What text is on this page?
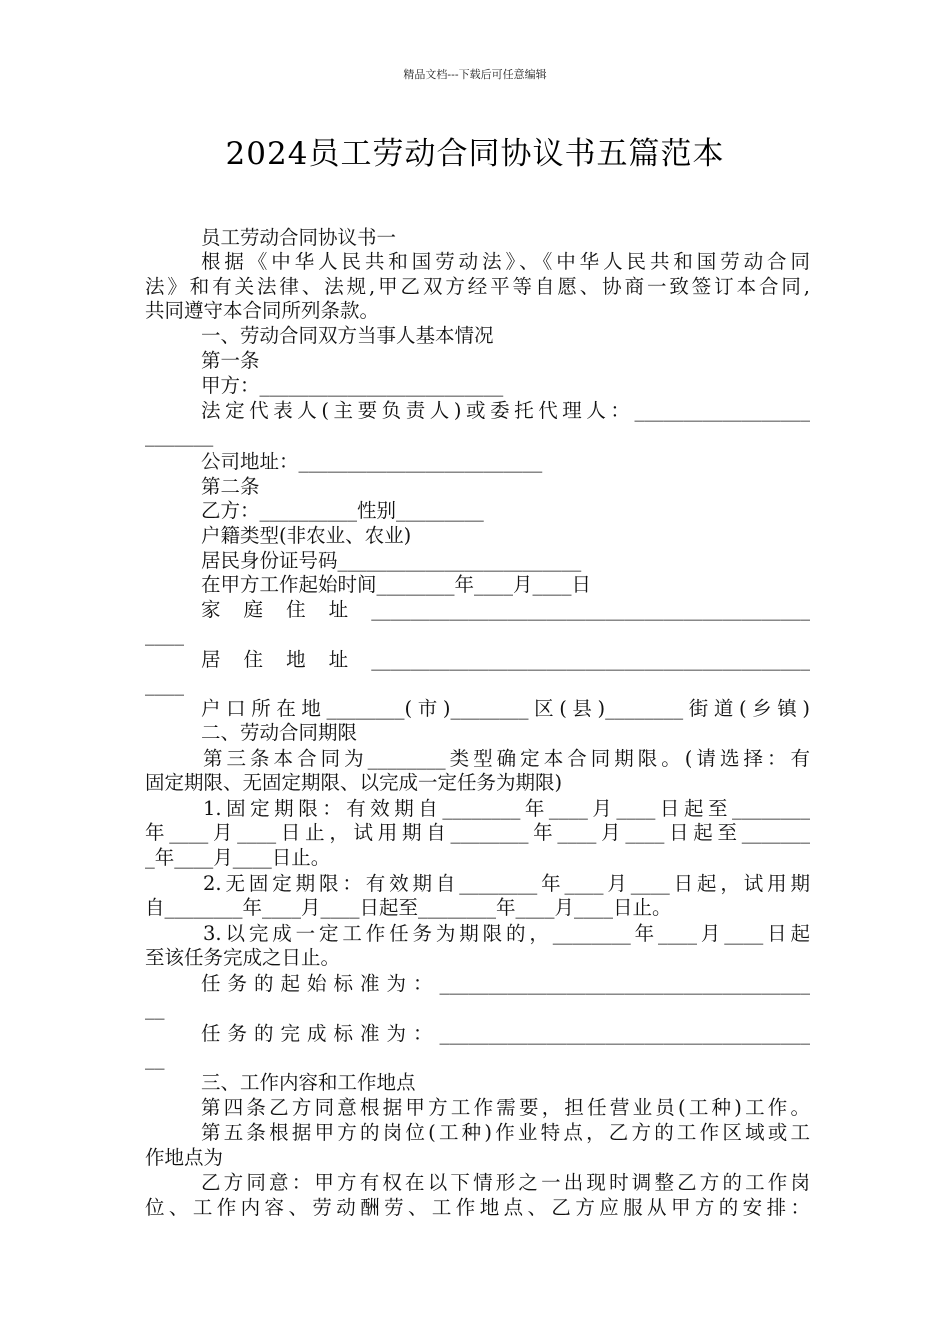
精品文档---下载后可任意编辑
2024员工劳动合同协议书五篇范本
员工劳动合同协议书一
根据《中华人民共和国劳动法》、《中华人民共和国劳动合同
法》和有关法律、法规,甲乙双方经平等自愿、协商一致签订本合同,
共同遵守本合同所列条款。
一、劳动合同双方当事人基本情况
第一条
甲方：_________________________
法定代表人(主要负责人)或委托代理人：__________________
_______
公司地址：_________________________
第二条
乙方：__________性别_________
户籍类型(非农业、农业)
居民身份证号码_________________________
在甲方工作起始时间________年____月____日
家庭住址_____________________________________________
____
居住地址_____________________________________________
____
户口所在地________(市)________区(县)________街道(乡镇)
二、劳动合同期限
第三条本合同为________类型确定本合同期限。(请选择：有
固定期限、无固定期限、以完成一定任务为期限)
1.固定期限：有效期自________年____月____日起至________
年____月____日止，试用期自________年____月____日起至_______
_年____月____日止。
2.无固定期限：有效期自________年____月____日起，试用期
自________年____月____日起至________年____月____日止。
3.以完成一定工作任务为期限的，________年____月____日起
至该任务完成之日止。
任务的起始标准为：______________________________________
__
任务的完成标准为：______________________________________
__
三、工作内容和工作地点
第四条乙方同意根据甲方工作需要，担任营业员(工种)工作。
第五条根据甲方的岗位(工种)作业特点，乙方的工作区域或工
作地点为
乙方同意：甲方有权在以下情形之一出现时调整乙方的工作岗
位、工作内容、劳动酬劳、工作地点、乙方应服从甲方的安排：
